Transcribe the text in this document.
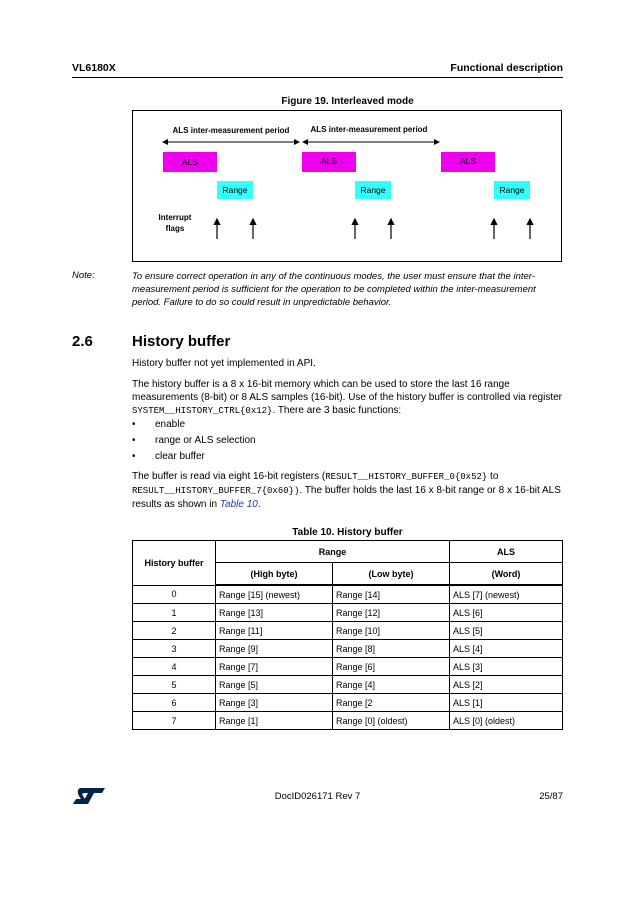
VL6180X	Functional description
Figure 19. Interleaved mode
ALS inter-measurement period	ALS inter-measurement period
ALS	ALS	ALS
Range	Range	Range
Interrupt
flags
Note:	To ensure correct operation in any of the continuous modes, the user must ensure that the inter-measurement period is sufficient for the operation to be completed within the inter-measurement period. Failure to do so could result in unpredictable behavior.
2.6	History buffer
History buffer not yet implemented in API.
The history buffer is a 8 x 16-bit memory which can be used to store the last 16 range measurements (8-bit) or 8 ALS samples (16-bit). Use of the history buffer is controlled via register SYSTEM__HISTORY_CTRL{0x12}. There are 3 basic functions:
• enable
• range or ALS selection
• clear buffer
The buffer is read via eight 16-bit registers (RESULT__HISTORY_BUFFER_0{0x52} to
RESULT__HISTORY_BUFFER_7{0x60}). The buffer holds the last 16 x 8-bit range or 8 x 16-bit ALS results as shown in Table 10.
Table 10. History buffer
History buffer	Range		ALS
	(High byte)	(Low byte)	(Word)
0	Range [15] (newest)	Range [14]	ALS [7] (newest)
1	Range [13]	Range [12]	ALS [6]
2	Range [11]	Range [10]	ALS [5]
3	Range [9]	Range [8]	ALS [4]
4	Range [7]	Range [6]	ALS [3]
5	Range [5]	Range [4]	ALS [2]
6	Range [3]	Range [2	ALS [1]
7	Range [1]	Range [0] (oldest)	ALS [0] (oldest)
DocID026171 Rev 7	25/87
